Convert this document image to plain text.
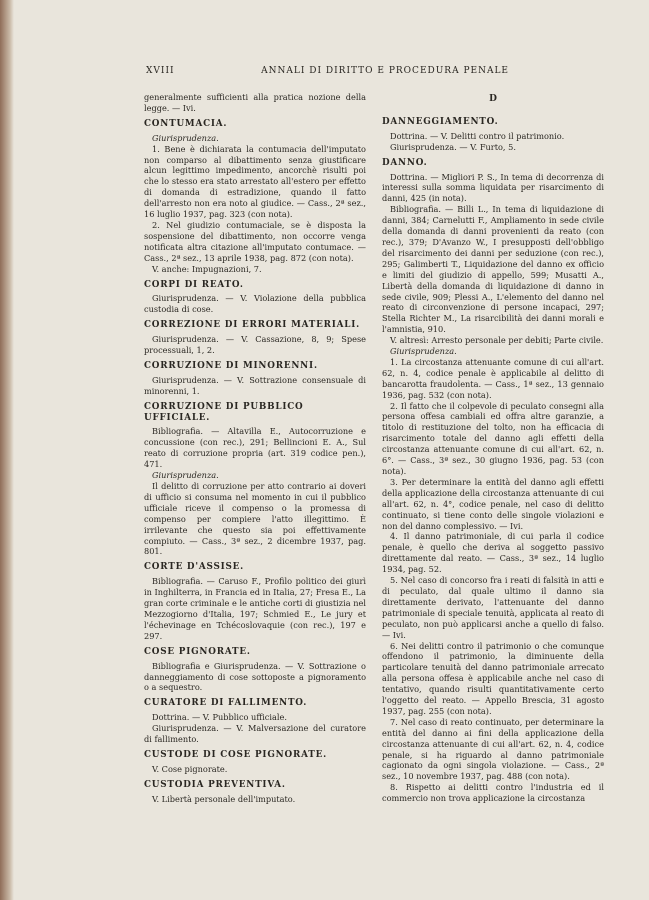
XVIII	ANNALI DI DIRITTO E PROCEDURA PENALE

generalmente sufficienti alla pratica nozione della legge. — Ivi.

CONTUMACIA.

Giurisprudenza.

1. Bene è dichiarata la contumacia dell'imputato non comparso al dibattimento senza giustificare alcun legittimo impedimento, ancorchè risulti poi che lo stesso era stato arrestato all'estero per effetto di domanda di estradizione, quando il fatto dell'arresto non era noto al giudice. — Cass., 2ª sez., 16 luglio 1937, pag. 323 (con nota).

2. Nel giudizio contumaciale, se è disposta la sospensione del dibattimento, non occorre venga notificata altra citazione all'imputato contumace. — Cass., 2ª sez., 13 aprile 1938, pag. 872 (con nota).

V. anche: Impugnazioni, 7.

CORPI DI REATO.

Giurisprudenza. — V. Violazione della pubblica custodia di cose.

CORREZIONE DI ERRORI MATERIALI.

Giurisprudenza. — V. Cassazione, 8, 9; Spese processuali, 1, 2.

CORRUZIONE DI MINORENNI.

Giurisprudenza. — V. Sottrazione consensuale di minorenni, 1.

CORRUZIONE DI PUBBLICO UFFICIALE.

Bibliografia. — Altavilla E., Autocorruzione e concussione (con rec.), 291; Bellincioni E. A., Sul reato di corruzione propria (art. 319 codice pen.), 471.

Giurisprudenza.

Il delitto di corruzione per atto contrario ai doveri di ufficio si consuma nel momento in cui il pubblico ufficiale riceve il compenso o la promessa di compenso per compiere l'atto illegittimo. È irrilevante che questo sia poi effettivamente compiuto. — Cass., 3ª sez., 2 dicembre 1937, pag. 801.

CORTE D'ASSISE.

Bibliografia. — Caruso F., Profilo politico dei giurì in Inghilterra, in Francia ed in Italia, 27; Fresa E., La gran corte criminale e le antiche corti di giustizia nel Mezzogiorno d'Italia, 197; Schmied E., Le jury et l'échevinage en Tchécoslovaquie (con rec.), 197 e 297.

COSE PIGNORATE.

Bibliografia e Giurisprudenza. — V. Sottrazione o danneggiamento di cose sottoposte a pignoramento o a sequestro.

CURATORE DI FALLIMENTO.

Dottrina. — V. Pubblico ufficiale.

Giurisprudenza. — V. Malversazione del curatore di fallimento.

CUSTODE DI COSE PIGNORATE.

V. Cose pignorate.

CUSTODIA PREVENTIVA.

V. Libertà personale dell'imputato.

D
DANNEGGIAMENTO.

Dottrina. — V. Delitti contro il patrimonio.

Giurisprudenza. — V. Furto, 5.

DANNO.

Dottrina. — Migliori P. S., In tema di decorrenza di interessi sulla somma liquidata per risarcimento di danni, 425 (in nota).

Bibliografia. — Billi L., In tema di liquidazione di danni, 384; Carnelutti F., Ampliamento in sede civile della domanda di danni provenienti da reato (con rec.), 379; D'Avanzo W., I presupposti dell'obbligo del risarcimento dei danni per seduzione (con rec.), 295; Galimberti T., Liquidazione del danno ex officio e limiti del giudizio di appello, 599; Musatti A., Libertà della domanda di liquidazione di danno in sede civile, 909; Plessi A., L'elemento del danno nel reato di circonvenzione di persone incapaci, 297; Stella Richter M., La risarcibilità dei danni morali e l'amnistia, 910.

V. altresì: Arresto personale per debiti; Parte civile.

Giurisprudenza.

1. La circostanza attenuante comune di cui all'art. 62, n. 4, codice penale è applicabile al delitto di bancarotta fraudolenta. — Cass., 1ª sez., 13 gennaio 1936, pag. 532 (con nota).

2. Il fatto che il colpevole di peculato consegni alla persona offesa cambiali ed offra altre garanzie, a titolo di restituzione del tolto, non ha efficacia di risarcimento totale del danno agli effetti della circostanza attenuante comune di cui all'art. 62, n. 6°. — Cass., 3ª sez., 30 giugno 1936, pag. 53 (con nota).

3. Per determinare la entità del danno agli effetti della applicazione della circostanza attenuante di cui all'art. 62, n. 4°, codice penale, nel caso di delitto continuato, si tiene conto delle singole violazioni e non del danno complessivo. — Ivi.

4. Il danno patrimoniale, di cui parla il codice penale, è quello che deriva al soggetto passivo direttamente dal reato. — Cass., 3ª sez., 14 luglio 1934, pag. 52.

5. Nel caso di concorso fra i reati di falsità in atti e di peculato, dal quale ultimo il danno sia direttamente derivato, l'attenuante del danno patrimoniale di speciale tenuità, applicata al reato di peculato, non può applicarsi anche a quello di falso. — Ivi.

6. Nei delitti contro il patrimonio o che comunque offendono il patrimonio, la diminuente della particolare tenuità del danno patrimoniale arrecato alla persona offesa è applicabile anche nel caso di tentativo, quando risulti quantitativamente certo l'oggetto del reato. — Appello Brescia, 31 agosto 1937, pag. 255 (con nota).

7. Nel caso di reato continuato, per determinare la entità del danno ai fini della applicazione della circostanza attenuante di cui all'art. 62, n. 4, codice penale, si ha riguardo al danno patrimoniale cagionato da ogni singola violazione. — Cass., 2ª sez., 10 novembre 1937, pag. 488 (con nota).

8. Rispetto ai delitti contro l'industria ed il commercio non trova applicazione la circostanza
